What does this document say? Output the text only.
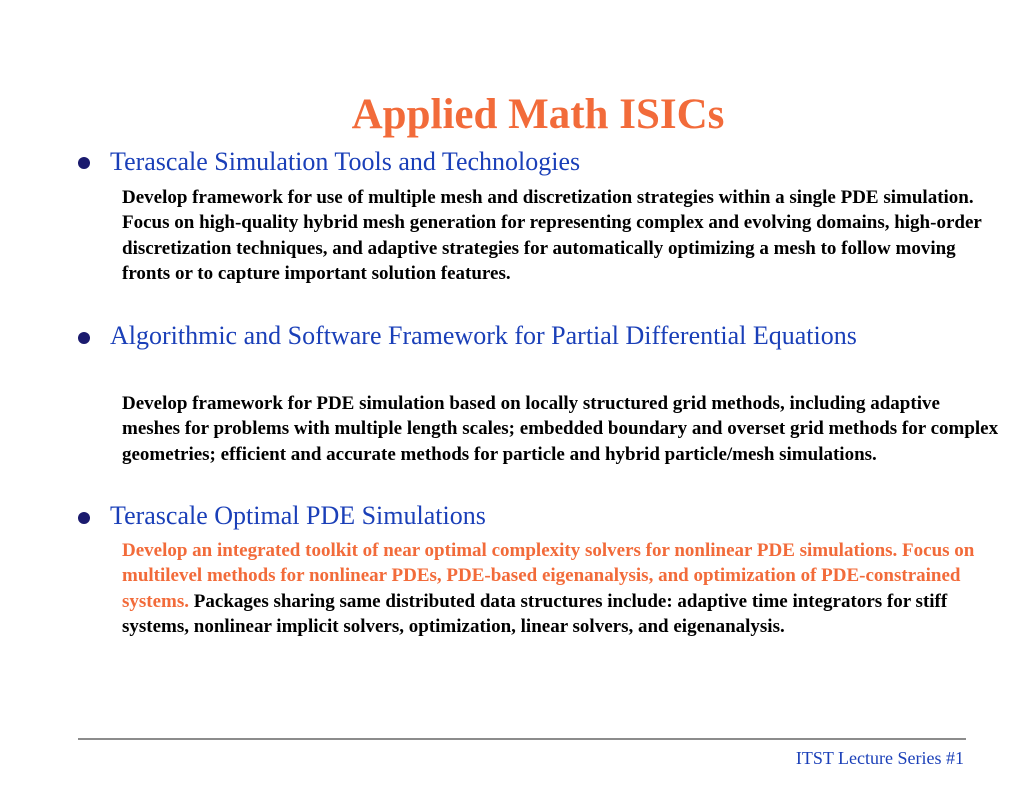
Applied Math ISICs
Terascale Simulation Tools and Technologies
Develop framework for use of multiple mesh and discretization strategies within a single PDE simulation. Focus on high-quality hybrid mesh generation for representing complex and evolving domains, high-order discretization techniques, and adaptive strategies for automatically optimizing a mesh to follow moving fronts or to capture important solution features.
Algorithmic and Software Framework for Partial Differential Equations
Develop framework for PDE simulation based on locally structured grid methods, including adaptive meshes for problems with multiple length scales; embedded boundary and overset grid methods for complex geometries; efficient and accurate methods for particle and hybrid particle/mesh simulations.
Terascale Optimal PDE Simulations
Develop an integrated toolkit of near optimal complexity solvers for nonlinear PDE simulations. Focus on multilevel methods for nonlinear PDEs, PDE-based eigenanalysis, and optimization of PDE-constrained systems. Packages sharing same distributed data structures include: adaptive time integrators for stiff systems, nonlinear implicit solvers, optimization, linear solvers, and eigenanalysis.
ITST Lecture Series #1
